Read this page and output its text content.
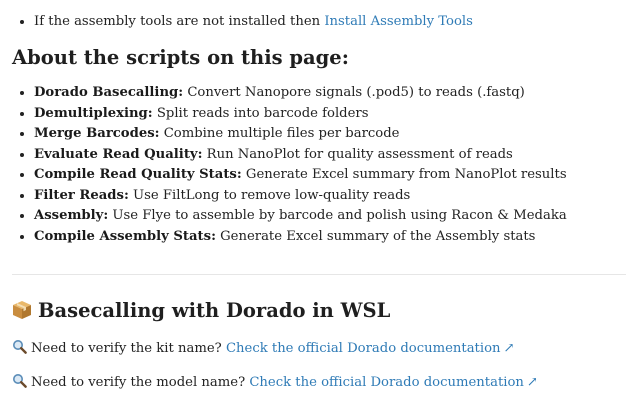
• If the assembly tools are not installed then Install Assembly Tools
About the scripts on this page:
• Dorado Basecalling: Convert Nanopore signals (.pod5) to reads (.fastq)
• Demultiplexing: Split reads into barcode folders
• Merge Barcodes: Combine multiple files per barcode
• Evaluate Read Quality: Run NanoPlot for quality assessment of reads
• Compile Read Quality Stats: Generate Excel summary from NanoPlot results
• Filter Reads: Use FiltLong to remove low-quality reads
• Assembly: Use Flye to assemble by barcode and polish using Racon & Medaka
• Compile Assembly Stats: Generate Excel summary of the Assembly stats
Basecalling with Dorado in WSL

Need to verify the kit name? Check the official Dorado documentation ↗

Need to verify the model name? Check the official Dorado documentation ↗
